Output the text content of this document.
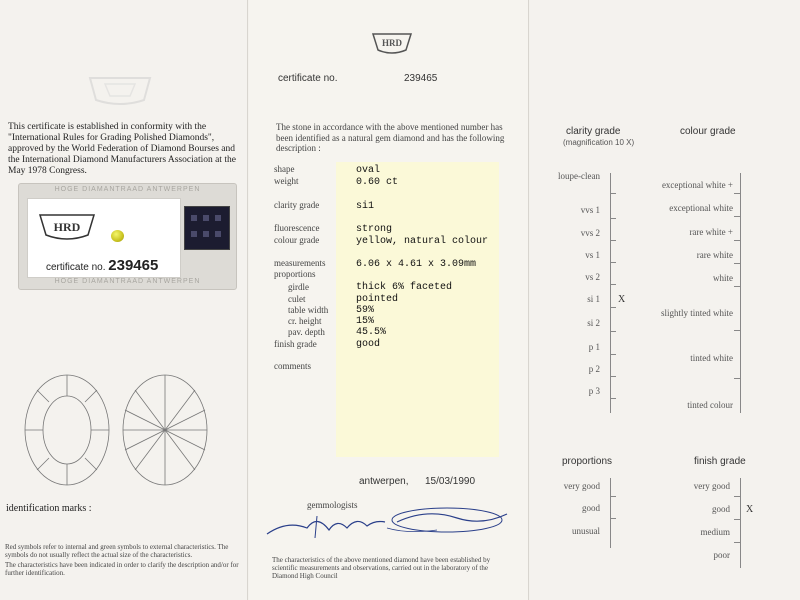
This certificate is established in conformity with the "International Rules for Grading Polished Diamonds", approved by the World Federation of Diamond Bourses and the International Diamond Manufacturers Association at the May 1978 Congress.
HOGE DIAMANTRAAD ANTWERPEN
HRD
certificate no. 239465
HOGE DIAMANTRAAD ANTWERPEN
identification marks :
Red symbols refer to internal and green symbols to external characteristics. The symbols do not usually reflect the actual size of the characteristics.
The characteristics have been indicated in order to clarify the description and/or for further identification.
HRD
certificate no.	239465
The stone in accordance with the above mentioned number has been identified as a natural gem diamond and has the following description :
shape	oval
weight	0.60 ct
clarity grade	si1
fluorescence	strong
colour grade	yellow, natural colour
measurements	6.06 x 4.61 x 3.09mm
proportions
girdle	thick 6% faceted
culet	pointed
table width	59%
cr. height	15%
pav. depth	45.5%
finish grade	good
comments
antwerpen, 15/03/1990
gemmologists
The characteristics of the above mentioned diamond have been established by scientific measurements and observations, carried out in the laboratory of the Diamond High Council
clarity grade
(magnification 10 X)
colour grade
loupe-clean
vvs 1
vvs 2
vs 1
vs 2
si 1
si 2
p 1
p 2
p 3
X
exceptional white +
exceptional white
rare white +
rare white
white
slightly tinted white
tinted white
tinted colour
proportions
very good
good
unusual
finish grade
very good
good
medium
poor
X
